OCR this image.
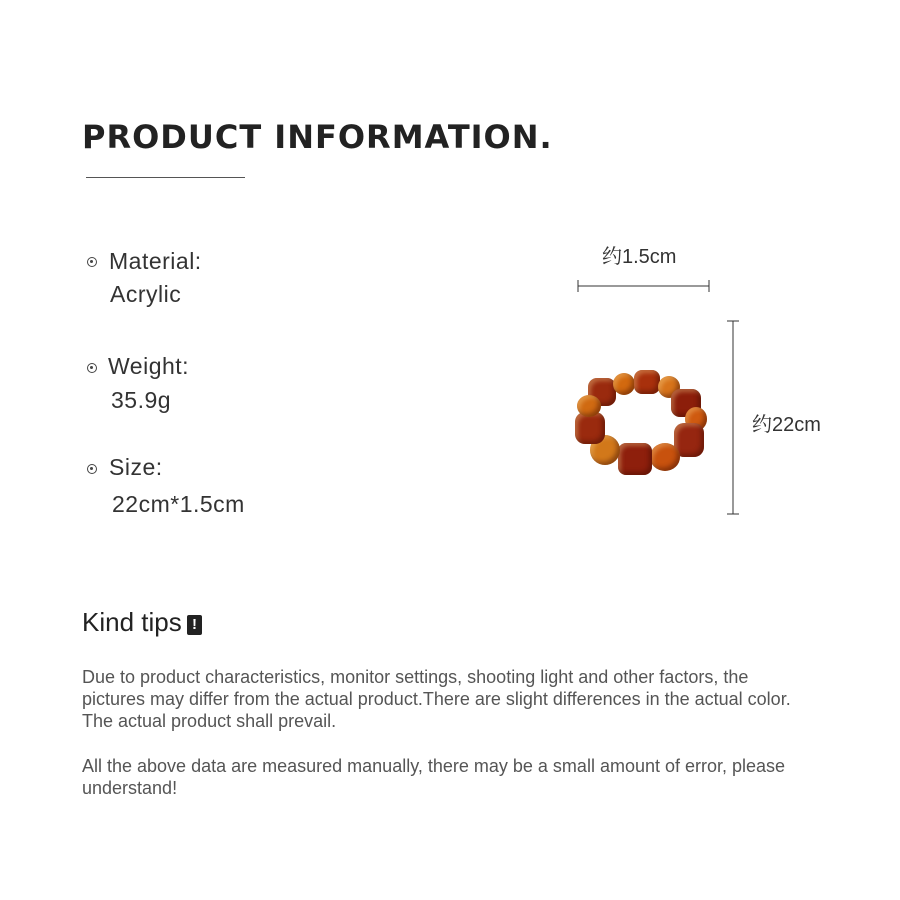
PRODUCT INFORMATION.
Material:
Acrylic
Weight:
35.9g
Size:
22cm*1.5cm
约1.5cm
约22cm
Kind tips !
Due to product characteristics, monitor settings, shooting light and other factors, the pictures may differ from the actual product.There are slight differences in the actual color. The actual product shall prevail.
All the above data are measured manually, there may be a small amount of error, please understand!
